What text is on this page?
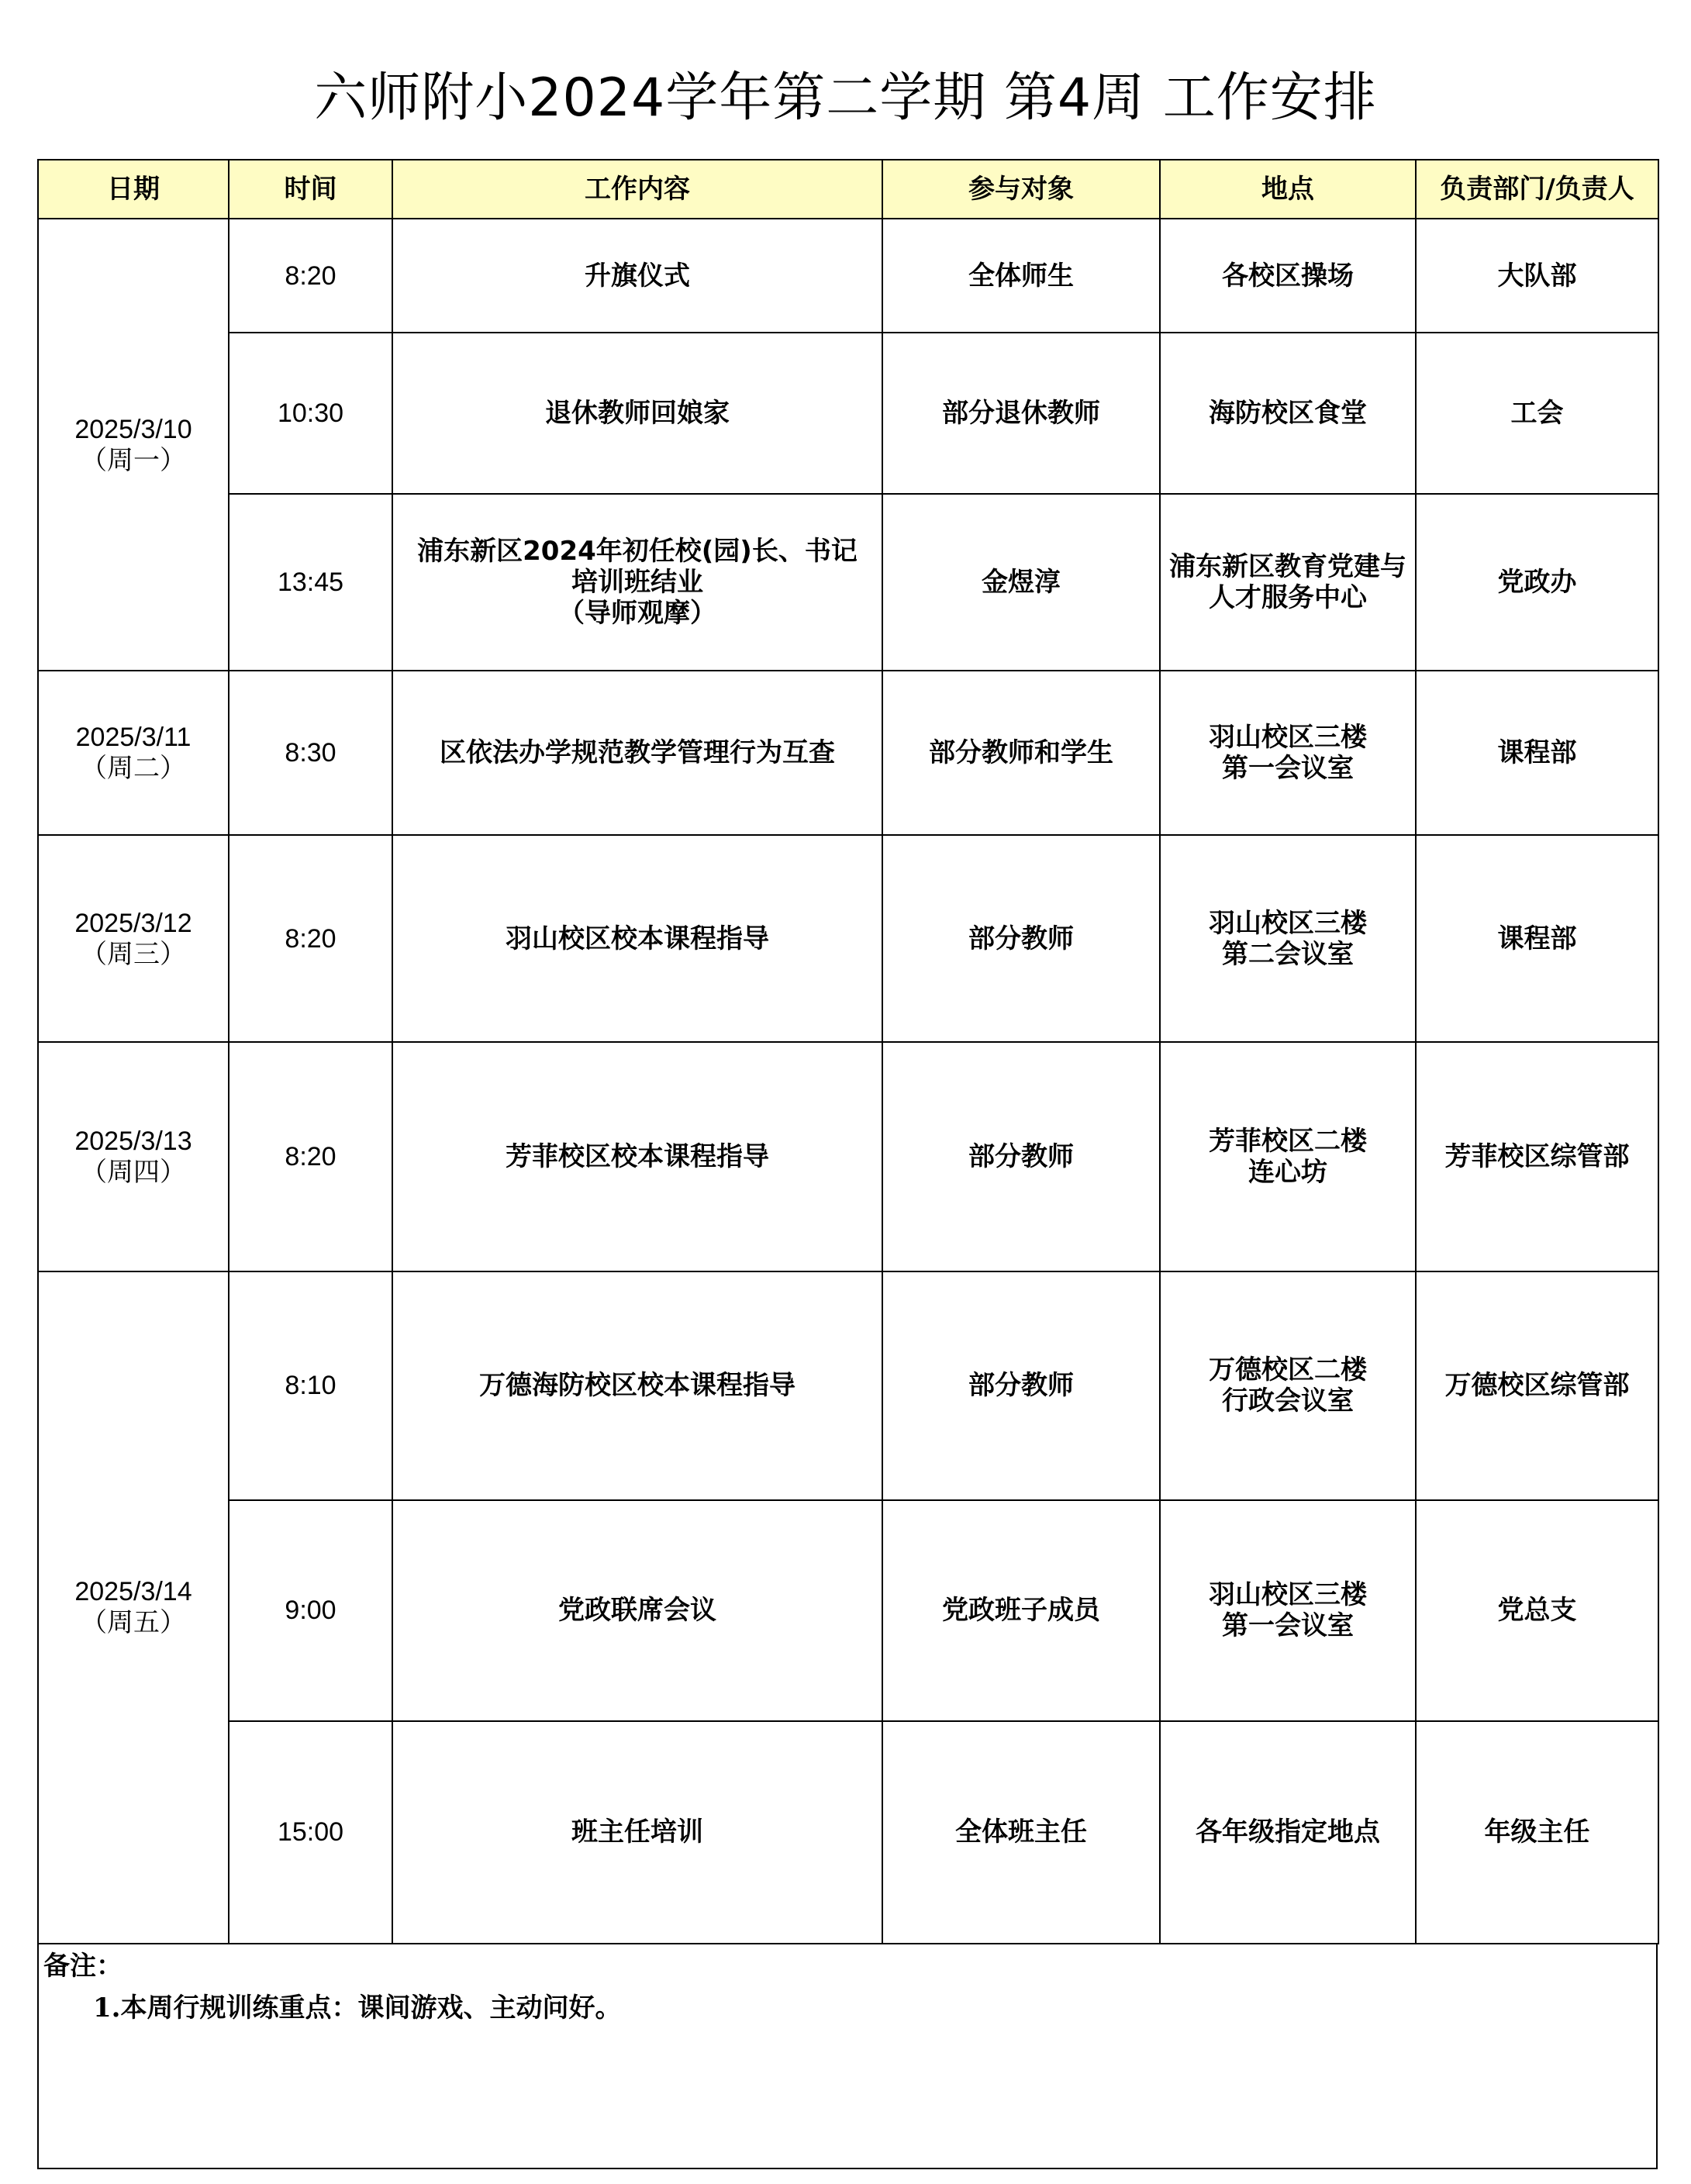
六师附小2024学年第二学期 第4周 工作安排
日期	时间	工作内容	参与对象	地点	负责部门/负责人

2025/3/10
（周一）	8:20	升旗仪式	全体师生	各校区操场	大队部
	10:30	退休教师回娘家	部分退休教师	海防校区食堂	工会
	13:45	浦东新区2024年初任校(园)长、书记
培训班结业
（导师观摩）	金煜淳	浦东新区教育党建与
人才服务中心	党政办

2025/3/11
（周二）	8:30	区依法办学规范教学管理行为互查	部分教师和学生	羽山校区三楼
第一会议室	课程部

2025/3/12
（周三）	8:20	羽山校区校本课程指导	部分教师	羽山校区三楼
第二会议室	课程部

2025/3/13
（周四）	8:20	芳菲校区校本课程指导	部分教师	芳菲校区二楼
连心坊	芳菲校区综管部

2025/3/14
（周五）	8:10	万德海防校区校本课程指导	部分教师	万德校区二楼
行政会议室	万德校区综管部
	9:00	党政联席会议	党政班子成员	羽山校区三楼
第一会议室	党总支
	15:00	班主任培训	全体班主任	各年级指定地点	年级主任
备注：
1.本周行规训练重点：课间游戏、主动问好。
